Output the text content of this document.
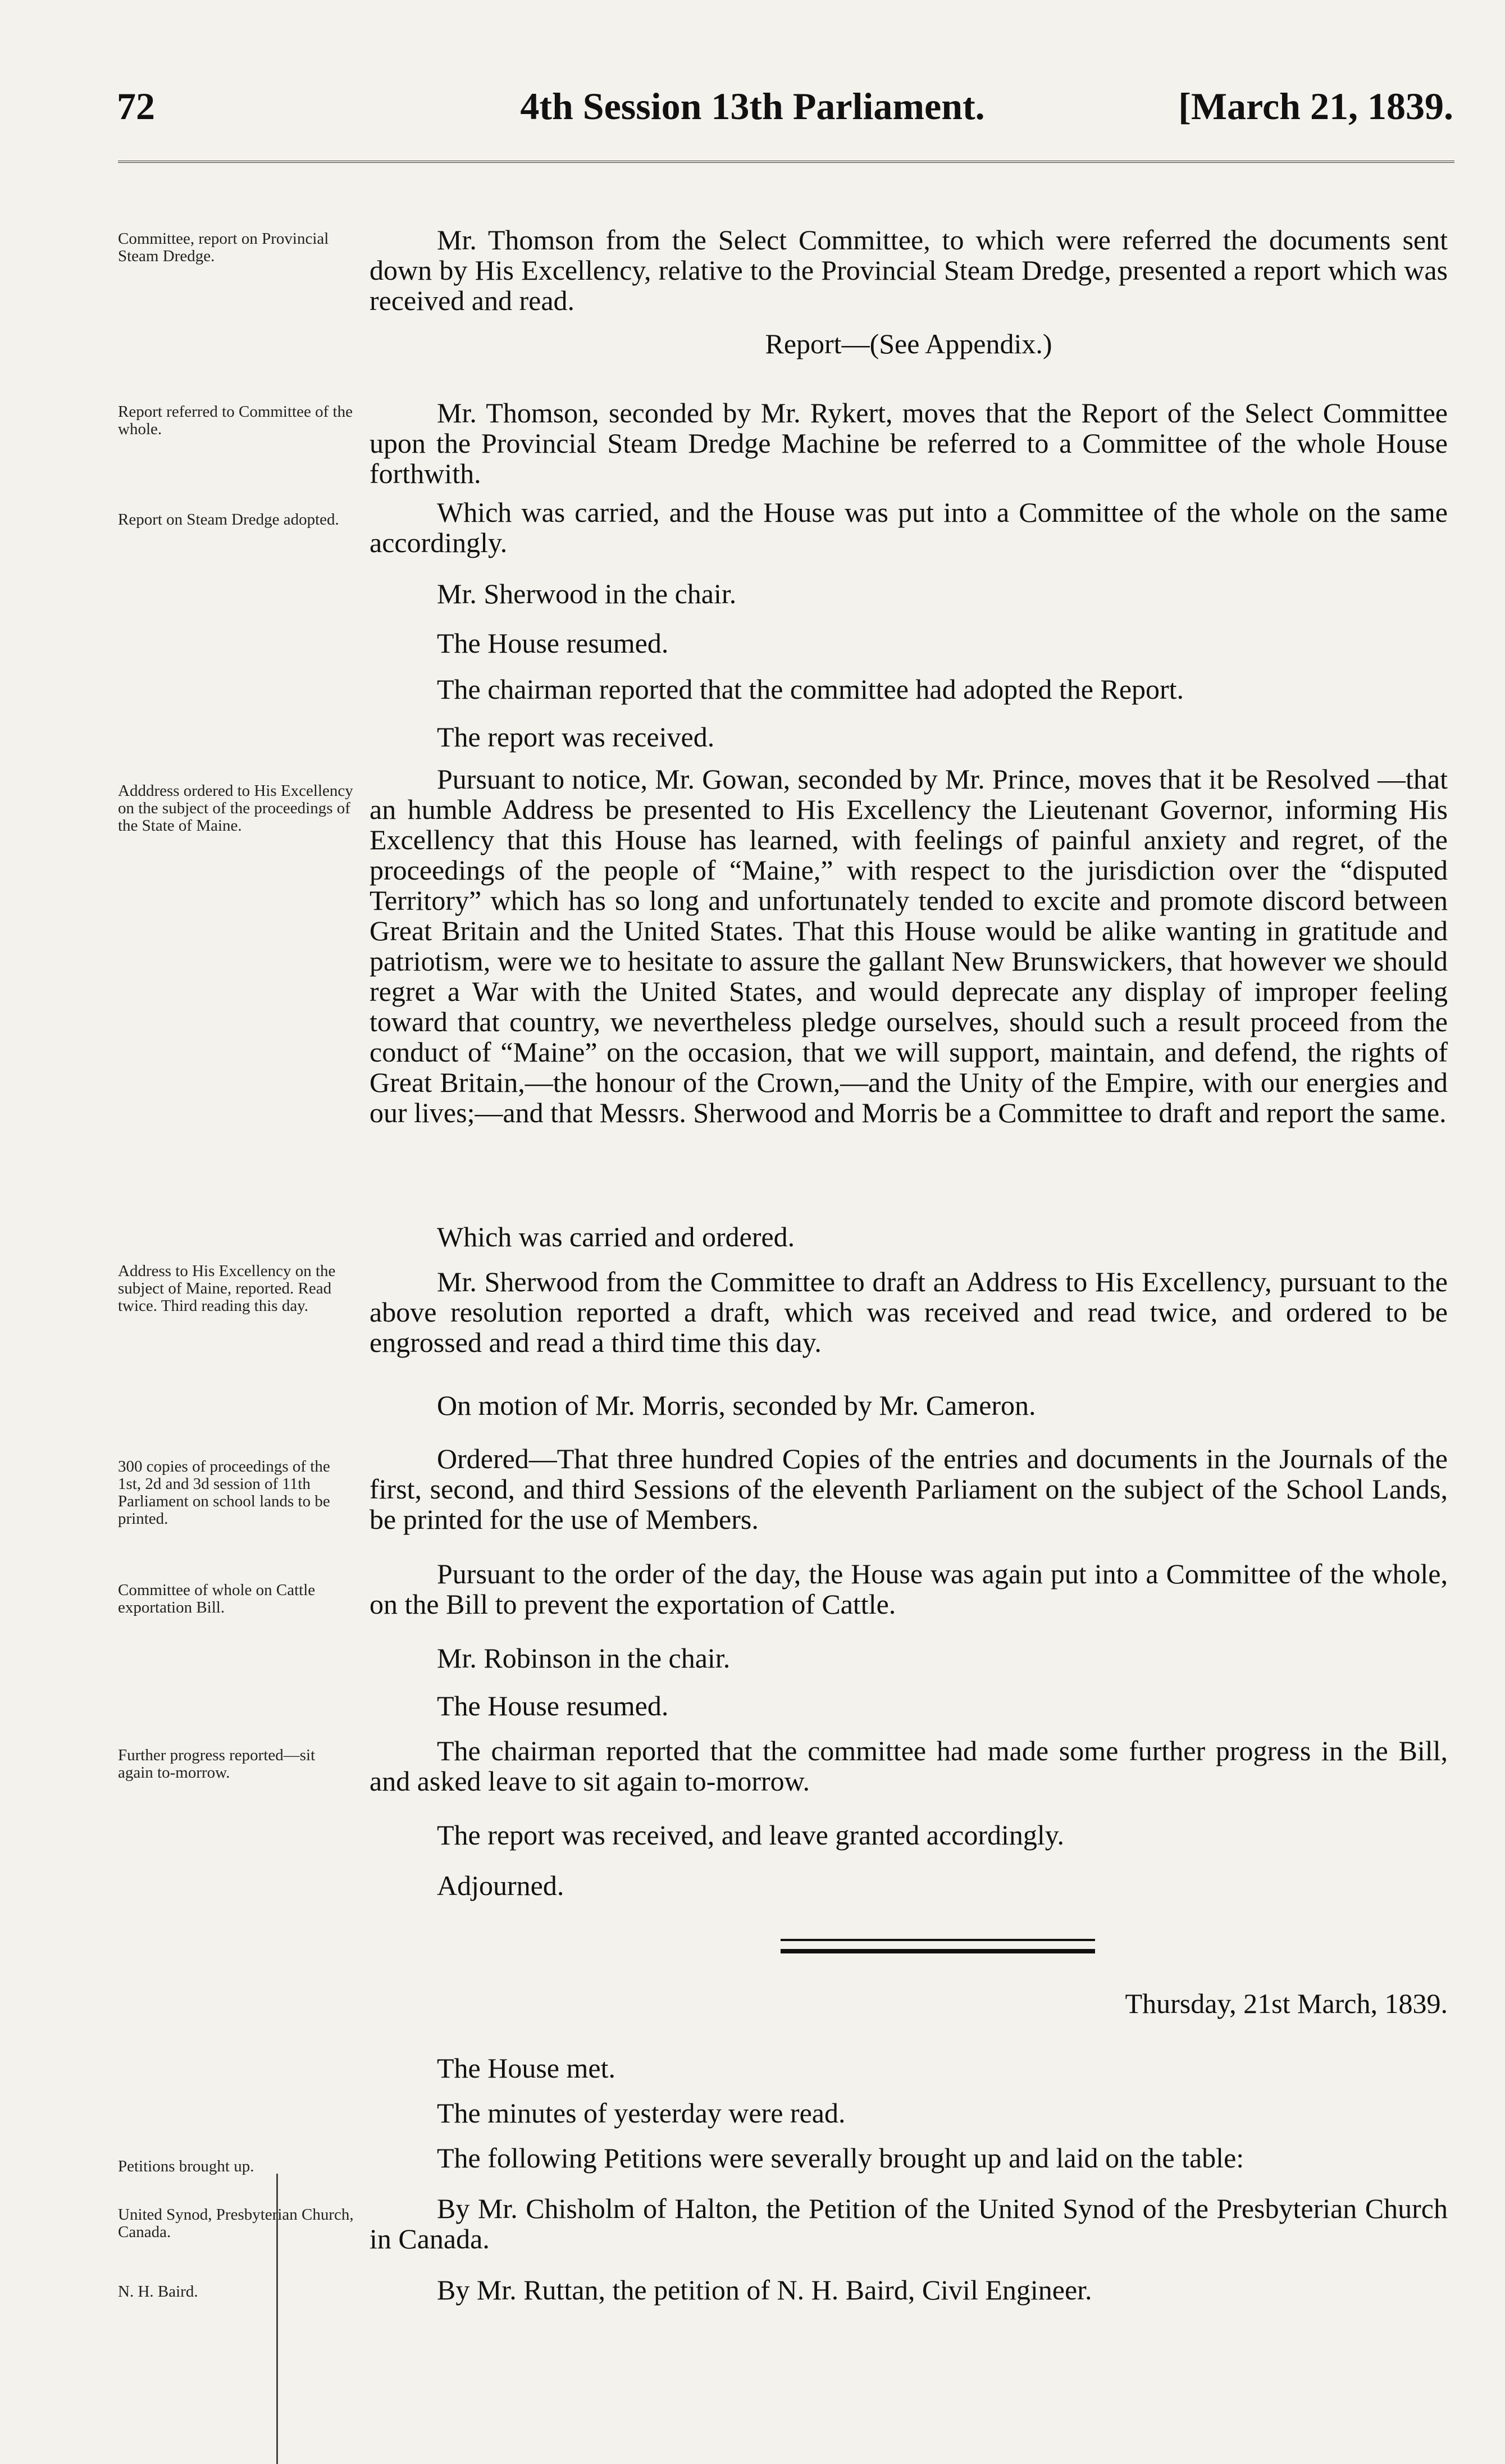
72	4th Session 13th Parliament.	[March 21, 1839.
Committee, report on Provincial Steam Dredge.
Report referred to Committee of the whole.
Report on Steam Dredge adopted.
Adddress ordered to His Excellency on the subject of the proceedings of the State of Maine.
Address to His Excellency on the subject of Maine, reported. Read twice. Third reading this day.
300 copies of proceedings of the 1st, 2d and 3d session of 11th Parliament on school lands to be printed.
Committee of whole on Cattle exportation Bill.
Further progress reported—sit again to-morrow.
Petitions brought up.
United Synod, Presbyterian Church, Canada.
N. H. Baird.
Mr. Thomson from the Select Committee, to which were referred the documents sent down by His Excellency, relative to the Provincial Steam Dredge, presented a report which was received and read.
Report—(See Appendix.)
Mr. Thomson, seconded by Mr. Rykert, moves that the Report of the Select Committee upon the Provincial Steam Dredge Machine be referred to a Committee of the whole House forthwith.
Which was carried, and the House was put into a Committee of the whole on the same accordingly.
Mr. Sherwood in the chair.
The House resumed.
The chairman reported that the committee had adopted the Report.
The report was received.
Pursuant to notice, Mr. Gowan, seconded by Mr. Prince, moves that it be Resolved —that an humble Address be presented to His Excellency the Lieutenant Governor, informing His Excellency that this House has learned, with feelings of painful anxiety and regret, of the proceedings of the people of “Maine,” with respect to the jurisdiction over the “disputed Territory” which has so long and unfortunately tended to excite and promote discord between Great Britain and the United States. That this House would be alike wanting in gratitude and patriotism, were we to hesitate to assure the gallant New Brunswickers, that however we should regret a War with the United States, and would deprecate any display of improper feeling toward that country, we nevertheless pledge ourselves, should such a result proceed from the conduct of “Maine” on the occasion, that we will support, maintain, and defend, the rights of Great Britain,—the honour of the Crown,—and the Unity of the Empire, with our energies and our lives;—and that Messrs. Sherwood and Morris be a Committee to draft and report the same.
Which was carried and ordered.
Mr. Sherwood from the Committee to draft an Address to His Excellency, pursuant to the above resolution reported a draft, which was received and read twice, and ordered to be engrossed and read a third time this day.
On motion of Mr. Morris, seconded by Mr. Cameron.
Ordered—That three hundred Copies of the entries and documents in the Journals of the first, second, and third Sessions of the eleventh Parliament on the subject of the School Lands, be printed for the use of Members.
Pursuant to the order of the day, the House was again put into a Committee of the whole, on the Bill to prevent the exportation of Cattle.
Mr. Robinson in the chair.
The House resumed.
The chairman reported that the committee had made some further progress in the Bill, and asked leave to sit again to-morrow.
The report was received, and leave granted accordingly.
Adjourned.
Thursday, 21st March, 1839.
The House met.
The minutes of yesterday were read.
The following Petitions were severally brought up and laid on the table:
By Mr. Chisholm of Halton, the Petition of the United Synod of the Presbyterian Church in Canada.
By Mr. Ruttan, the petition of N. H. Baird, Civil Engineer.
